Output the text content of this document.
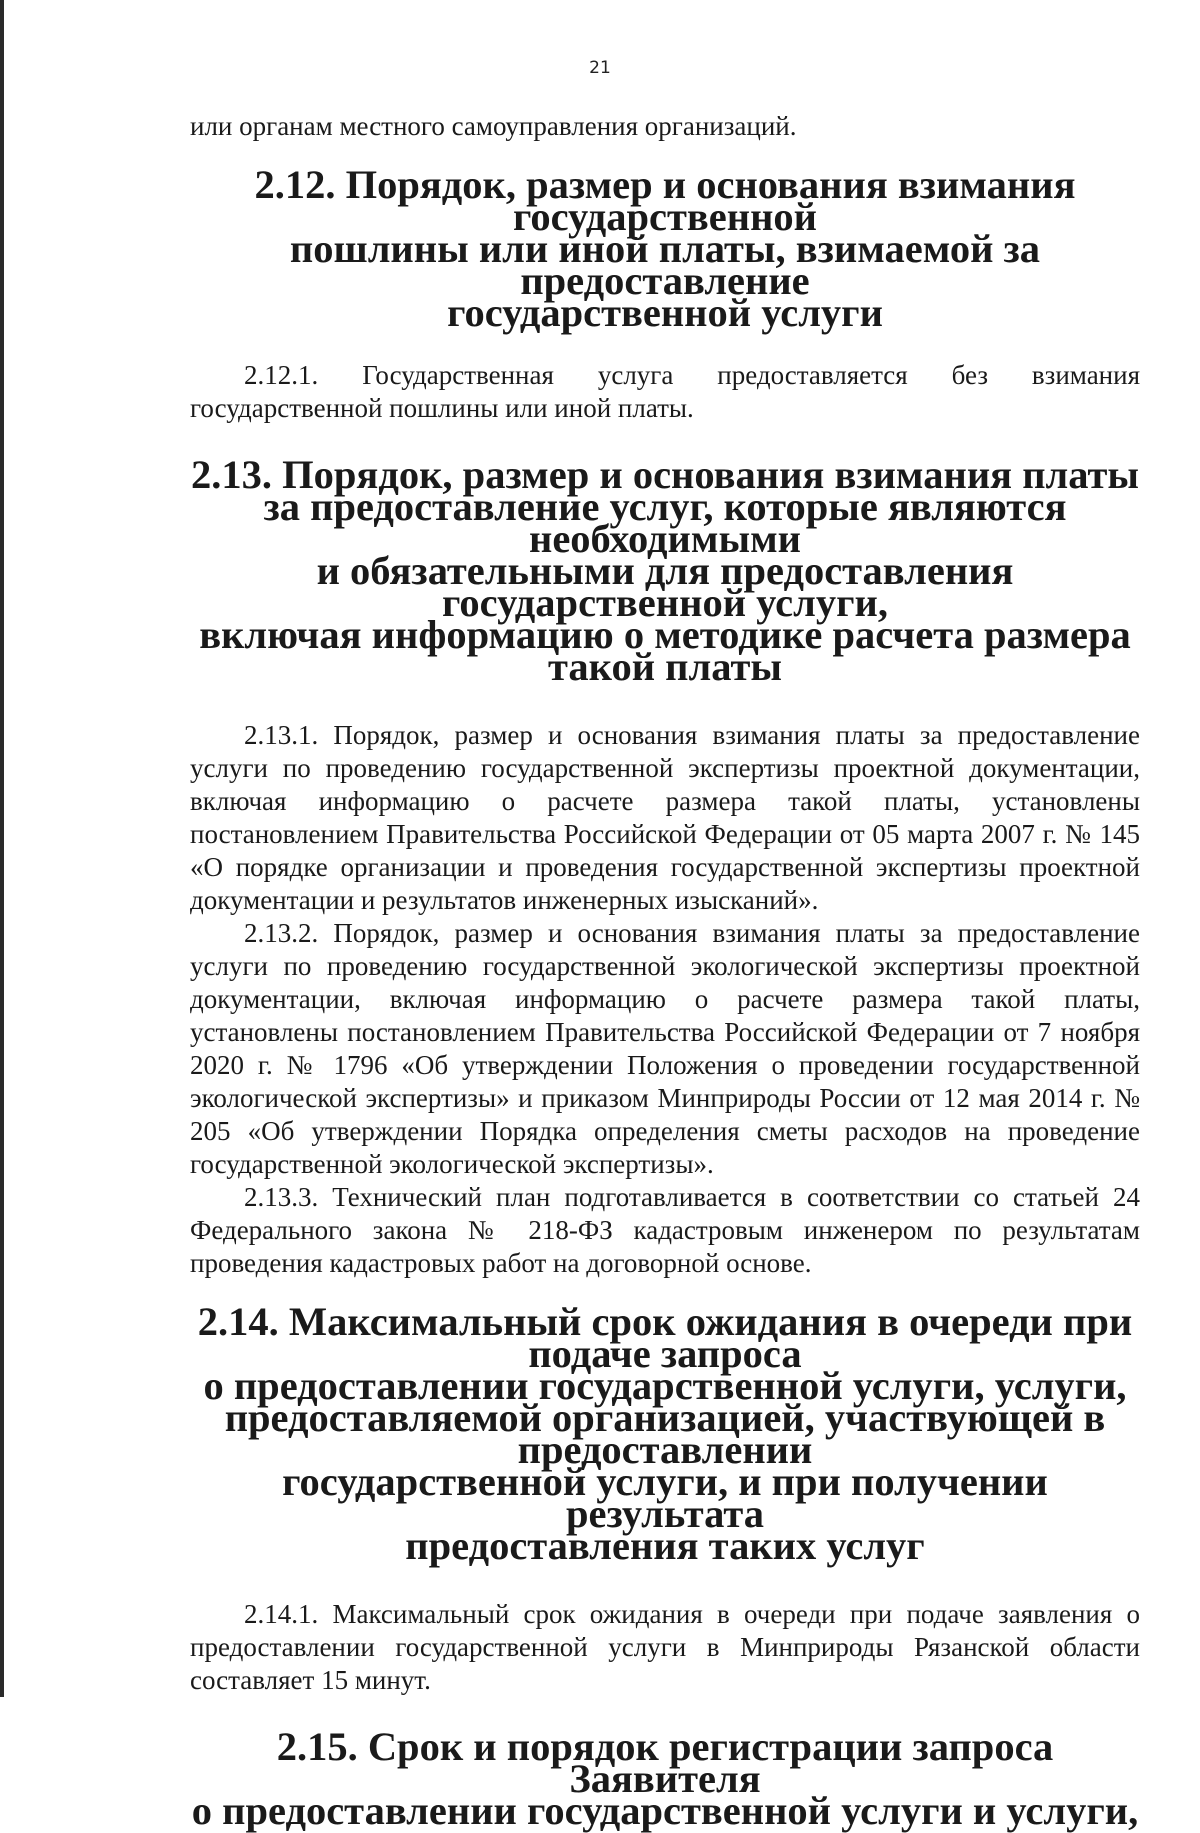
21

или органам местного самоуправления организаций.

2.12. Порядок, размер и основания взимания государственной
пошлины или иной платы, взимаемой за предоставление
государственной услуги

2.12.1. Государственная услуга предоставляется без взимания государственной пошлины или иной платы.

2.13. Порядок, размер и основания взимания платы
за предоставление услуг, которые являются необходимыми
и обязательными для предоставления государственной услуги,
включая информацию о методике расчета размера такой платы

2.13.1. Порядок, размер и основания взимания платы за предоставление услуги по проведению государственной экспертизы проектной документации, включая информацию о расчете размера такой платы, установлены постановлением Правительства Российской Федерации от 05 марта 2007 г. № 145 «О порядке организации и проведения государственной экспертизы проектной документации и результатов инженерных изысканий».

2.13.2. Порядок, размер и основания взимания платы за предоставление услуги по проведению государственной экологической экспертизы проектной документации, включая информацию о расчете размера такой платы, установлены постановлением Правительства Российской Федерации от 7 ноября 2020 г. № 1796 «Об утверждении Положения о проведении государственной экологической экспертизы» и приказом Минприроды России от 12 мая 2014 г. № 205 «Об утверждении Порядка определения сметы расходов на проведение государственной экологической экспертизы».

2.13.3. Технический план подготавливается в соответствии со статьей 24 Федерального закона № 218-ФЗ кадастровым инженером по результатам проведения кадастровых работ на договорной основе.

2.14. Максимальный срок ожидания в очереди при подаче запроса
о предоставлении государственной услуги, услуги,
предоставляемой организацией, участвующей в предоставлении
государственной услуги, и при получении результата
предоставления таких услуг

2.14.1. Максимальный срок ожидания в очереди при подаче заявления о предоставлении государственной услуги в Минприроды Рязанской области составляет 15 минут.

2.15. Срок и порядок регистрации запроса Заявителя
о предоставлении государственной услуги и услуги,
